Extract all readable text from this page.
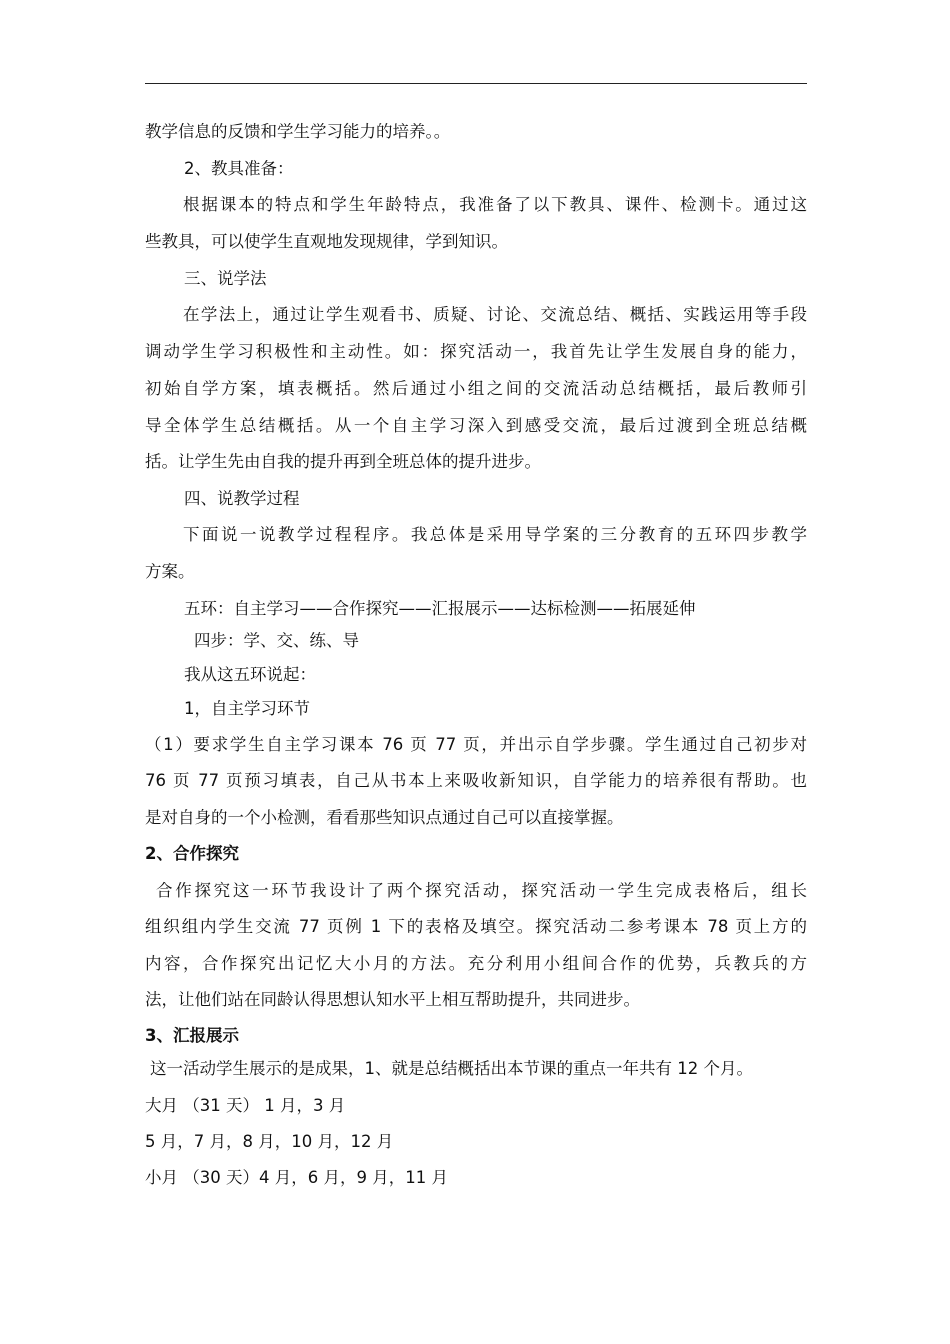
教学信息的反馈和学生学习能力的培养。。
2、教具准备：
根据课本的特点和学生年龄特点，我准备了以下教具、课件、检测卡。通过这
些教具，可以使学生直观地发现规律，学到知识。
三、说学法
在学法上，通过让学生观看书、质疑、讨论、交流总结、概括、实践运用等手段
调动学生学习积极性和主动性。如：探究活动一，我首先让学生发展自身的能力，
初始自学方案，填表概括。然后通过小组之间的交流活动总结概括，最后教师引
导全体学生总结概括。从一个自主学习深入到感受交流，最后过渡到全班总结概
括。让学生先由自我的提升再到全班总体的提升进步。
四、说教学过程
下面说一说教学过程程序。我总体是采用导学案的三分教育的五环四步教学
方案。
五环：自主学习——合作探究——汇报展示——达标检测——拓展延伸
四步：学、交、练、导
我从这五环说起：
1，自主学习环节
（1）要求学生自主学习课本 76 页 77 页，并出示自学步骤。学生通过自己初步对
76 页 77 页预习填表，自己从书本上来吸收新知识，自学能力的培养很有帮助。也
是对自身的一个小检测，看看那些知识点通过自己可以直接掌握。
2、合作探究
合作探究这一环节我设计了两个探究活动，探究活动一学生完成表格后，组长
组织组内学生交流 77 页例 1 下的表格及填空。探究活动二参考课本 78 页上方的
内容，合作探究出记忆大小月的方法。充分利用小组间合作的优势，兵教兵的方
法，让他们站在同龄认得思想认知水平上相互帮助提升，共同进步。
3、汇报展示
这一活动学生展示的是成果，1、就是总结概括出本节课的重点一年共有 12 个月。
大月 （31 天） 1 月，3 月
5 月，7 月，8 月，10 月，12 月
小月 （30 天）4 月，6 月，9 月，11 月
